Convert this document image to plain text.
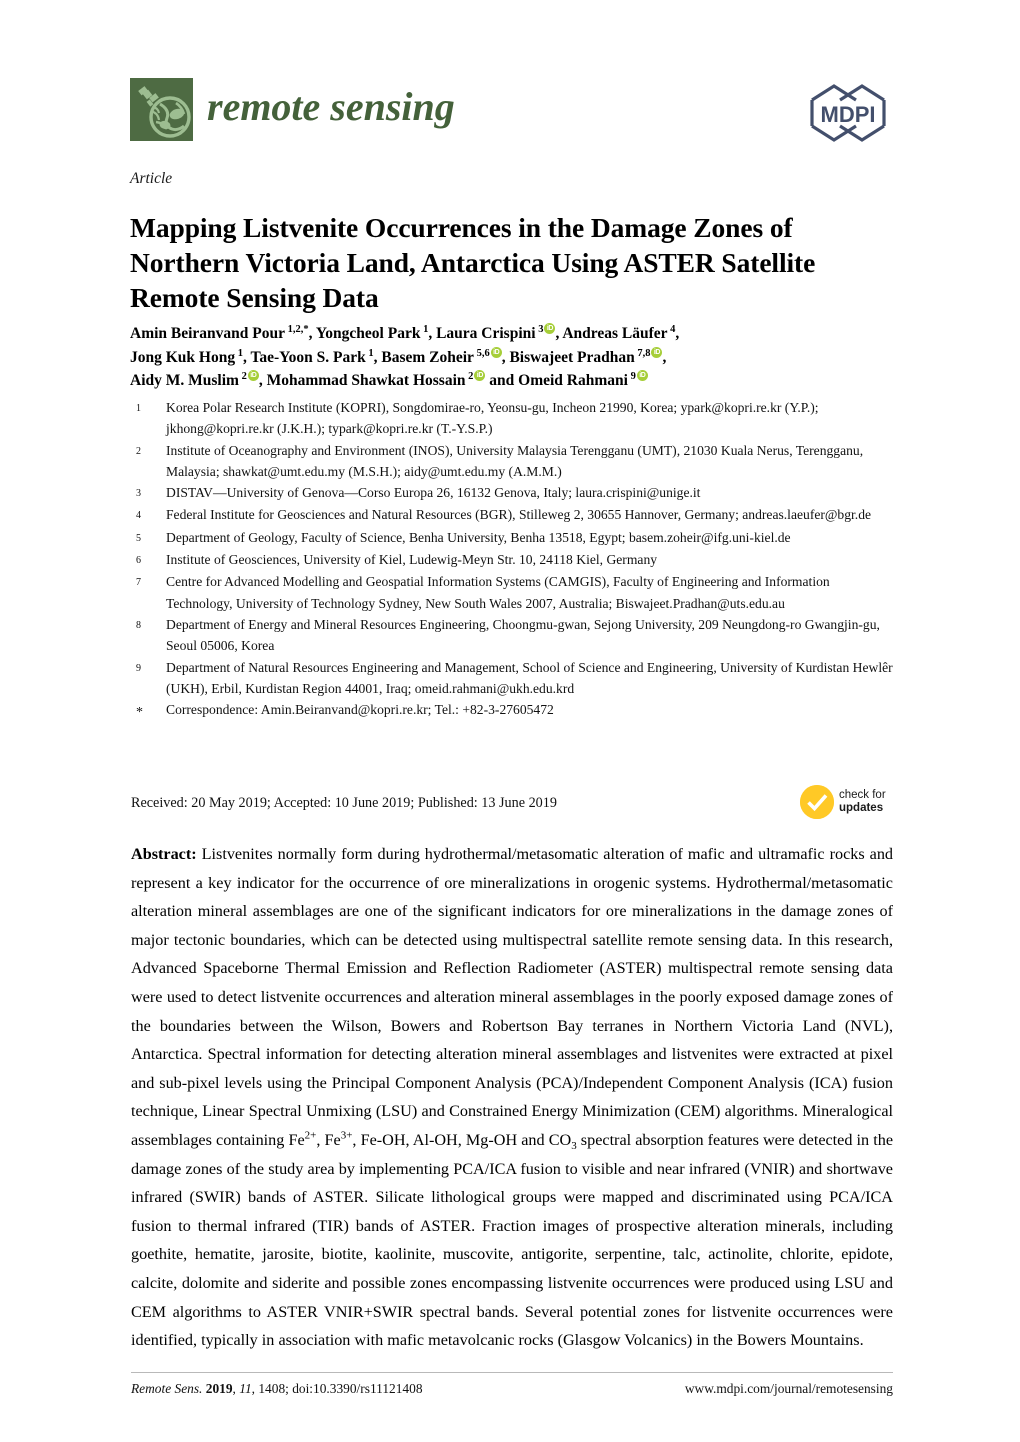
remote sensing	MDPI
Article
Mapping Listvenite Occurrences in the Damage Zones of Northern Victoria Land, Antarctica Using ASTER Satellite Remote Sensing Data
Amin Beiranvand Pour $^{1,2,*}$, Yongcheol Park $^1$, Laura Crispini $^3$ iD , Andreas Läufer $^4$,
Jong Kuk Hong $^1$, Tae-Yoon S. Park $^1$, Basem Zoheir $^{5,6}$ iD , Biswajeet Pradhan $^{7,8}$ iD ,
Aidy M. Muslim $^2$ iD , Mohammad Shawkat Hossain $^2$iD and Omeid Rahmani $^9$iD
1	Korea Polar Research Institute (KOPRI), Songdomirae-ro, Yeonsu-gu, Incheon 21990, Korea; ypark@kopri.re.kr (Y.P.); jkhong@kopri.re.kr (J.K.H.); typark@kopri.re.kr (T.-Y.S.P.)
2	Institute of Oceanography and Environment (INOS), University Malaysia Terengganu (UMT), 21030 Kuala Nerus, Terengganu, Malaysia; shawkat@umt.edu.my (M.S.H.); aidy@umt.edu.my (A.M.M.)
3	DISTAV—University of Genova—Corso Europa 26, 16132 Genova, Italy; laura.crispini@unige.it
4	Federal Institute for Geosciences and Natural Resources (BGR), Stilleweg 2, 30655 Hannover, Germany; andreas.laeufer@bgr.de
5	Department of Geology, Faculty of Science, Benha University, Benha 13518, Egypt; basem.zoheir@ifg.uni-kiel.de
6	Institute of Geosciences, University of Kiel, Ludewig-Meyn Str. 10, 24118 Kiel, Germany
7	Centre for Advanced Modelling and Geospatial Information Systems (CAMGIS), Faculty of Engineering and Information Technology, University of Technology Sydney, New South Wales 2007, Australia; Biswajeet.Pradhan@uts.edu.au
8	Department of Energy and Mineral Resources Engineering, Choongmu-gwan, Sejong University, 209 Neungdong-ro Gwangjin-gu, Seoul 05006, Korea
9	Department of Natural Resources Engineering and Management, School of Science and Engineering, University of Kurdistan Hewlêr (UKH), Erbil, Kurdistan Region 44001, Iraq; omeid.rahmani@ukh.edu.krd
*	Correspondence: Amin.Beiranvand@kopri.re.kr; Tel.: +82-3-27605472
Received: 20 May 2019; Accepted: 10 June 2019; Published: 13 June 2019	check for
updates
Abstract: Listvenites normally form during hydrothermal/metasomatic alteration of mafic and ultramafic rocks and represent a key indicator for the occurrence of ore mineralizations in orogenic systems. Hydrothermal/metasomatic alteration mineral assemblages are one of the significant indicators for ore mineralizations in the damage zones of major tectonic boundaries, which can be detected using multispectral satellite remote sensing data. In this research, Advanced Spaceborne Thermal Emission and Reflection Radiometer (ASTER) multispectral remote sensing data were used to detect listvenite occurrences and alteration mineral assemblages in the poorly exposed damage zones of the boundaries between the Wilson, Bowers and Robertson Bay terranes in Northern Victoria Land (NVL), Antarctica. Spectral information for detecting alteration mineral assemblages and listvenites were extracted at pixel and sub-pixel levels using the Principal Component Analysis (PCA)/Independent Component Analysis (ICA) fusion technique, Linear Spectral Unmixing (LSU) and Constrained Energy Minimization (CEM) algorithms. Mineralogical assemblages containing $Fe^{2+}$, $Fe^{3+}$, Fe-OH, Al-OH, Mg-OH and $CO_3$ spectral absorption features were detected in the damage zones of the study area by implementing PCA/ICA fusion to visible and near infrared (VNIR) and shortwave infrared (SWIR) bands of ASTER. Silicate lithological groups were mapped and discriminated using PCA/ICA fusion to thermal infrared (TIR) bands of ASTER. Fraction images of prospective alteration minerals, including goethite, hematite, jarosite, biotite, kaolinite, muscovite, antigorite, serpentine, talc, actinolite, chlorite, epidote, calcite, dolomite and siderite and possible zones encompassing listvenite occurrences were produced using LSU and CEM algorithms to ASTER VNIR+SWIR spectral bands. Several potential zones for listvenite occurrences were identified, typically in association with mafic metavolcanic rocks (Glasgow Volcanics) in the Bowers Mountains.
Remote Sens. 2019, 11, 1408; doi:10.3390/rs11121408	www.mdpi.com/journal/remotesensing
